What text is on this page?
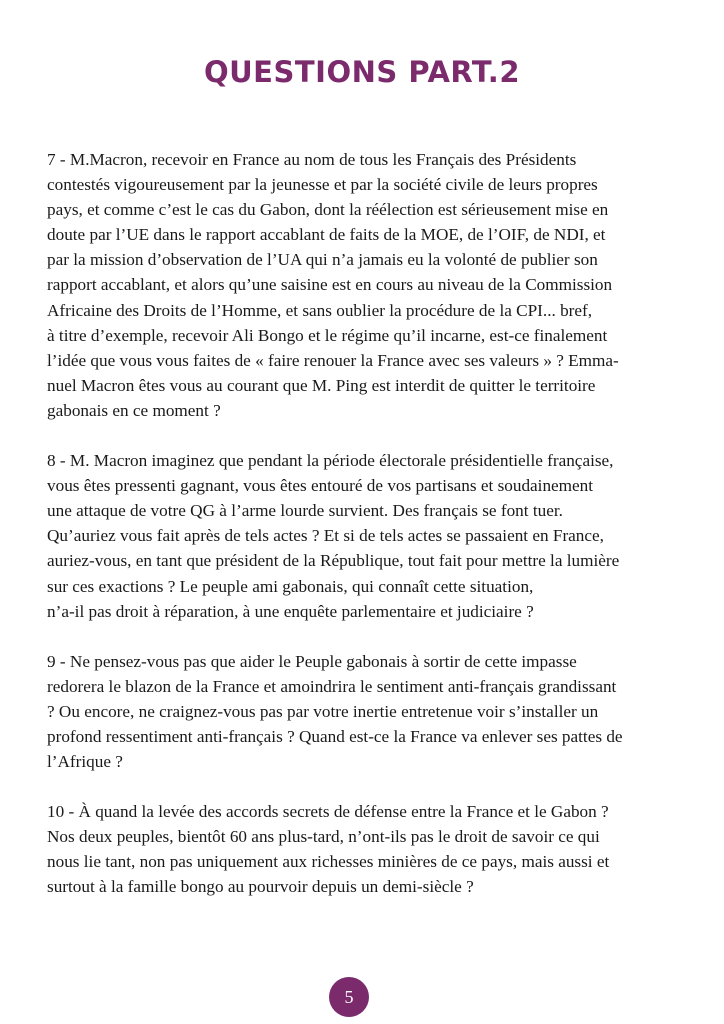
QUESTIONS PART.2

7 - M.Macron, recevoir en France au nom de tous les Français des Présidents
contestés vigoureusement par la jeunesse et par la société civile de leurs propres
pays, et comme c’est le cas du Gabon, dont la réélection est sérieusement mise en
doute par l’UE dans le rapport accablant de faits de la MOE, de l’OIF, de NDI, et
par la mission d’observation de l’UA qui n’a jamais eu la volonté de publier son
rapport accablant, et alors qu’une saisine est en cours au niveau de la Commission
Africaine des Droits de l’Homme, et sans oublier la procédure de la CPI... bref,
à titre d’exemple, recevoir Ali Bongo et le régime qu’il incarne, est-ce finalement
l’idée que vous vous faites de « faire renouer la France avec ses valeurs » ? Emma-
nuel Macron êtes vous au courant que M. Ping est interdit de quitter le territoire
gabonais en ce moment ?

8 - M. Macron imaginez que pendant la période électorale présidentielle française,
vous êtes pressenti gagnant, vous êtes entouré de vos partisans et soudainement
une attaque de votre QG à l’arme lourde survient. Des français se font tuer.
Qu’auriez vous fait après de tels actes ? Et si de tels actes se passaient en France,
auriez-vous, en tant que président de la République, tout fait pour mettre la lumière
sur ces exactions ? Le peuple ami gabonais, qui connaît cette situation,
n’a-il pas droit à réparation, à une enquête parlementaire et judiciaire ?

9 - Ne pensez-vous pas que aider le Peuple gabonais à sortir de cette impasse
redorera le blazon de la France et amoindrira le sentiment anti-français grandissant
? Ou encore, ne craignez-vous pas par votre inertie entretenue voir s’installer un
profond ressentiment anti-français ? Quand est-ce la France va enlever ses pattes de
l’Afrique ?

10 - À quand la levée des accords secrets de défense entre la France et le Gabon ?
Nos deux peuples, bientôt 60 ans plus-tard, n’ont-ils pas le droit de savoir ce qui
nous lie tant, non pas uniquement aux richesses minières de ce pays, mais aussi et
surtout à la famille bongo au pourvoir depuis un demi-siècle ?

5
